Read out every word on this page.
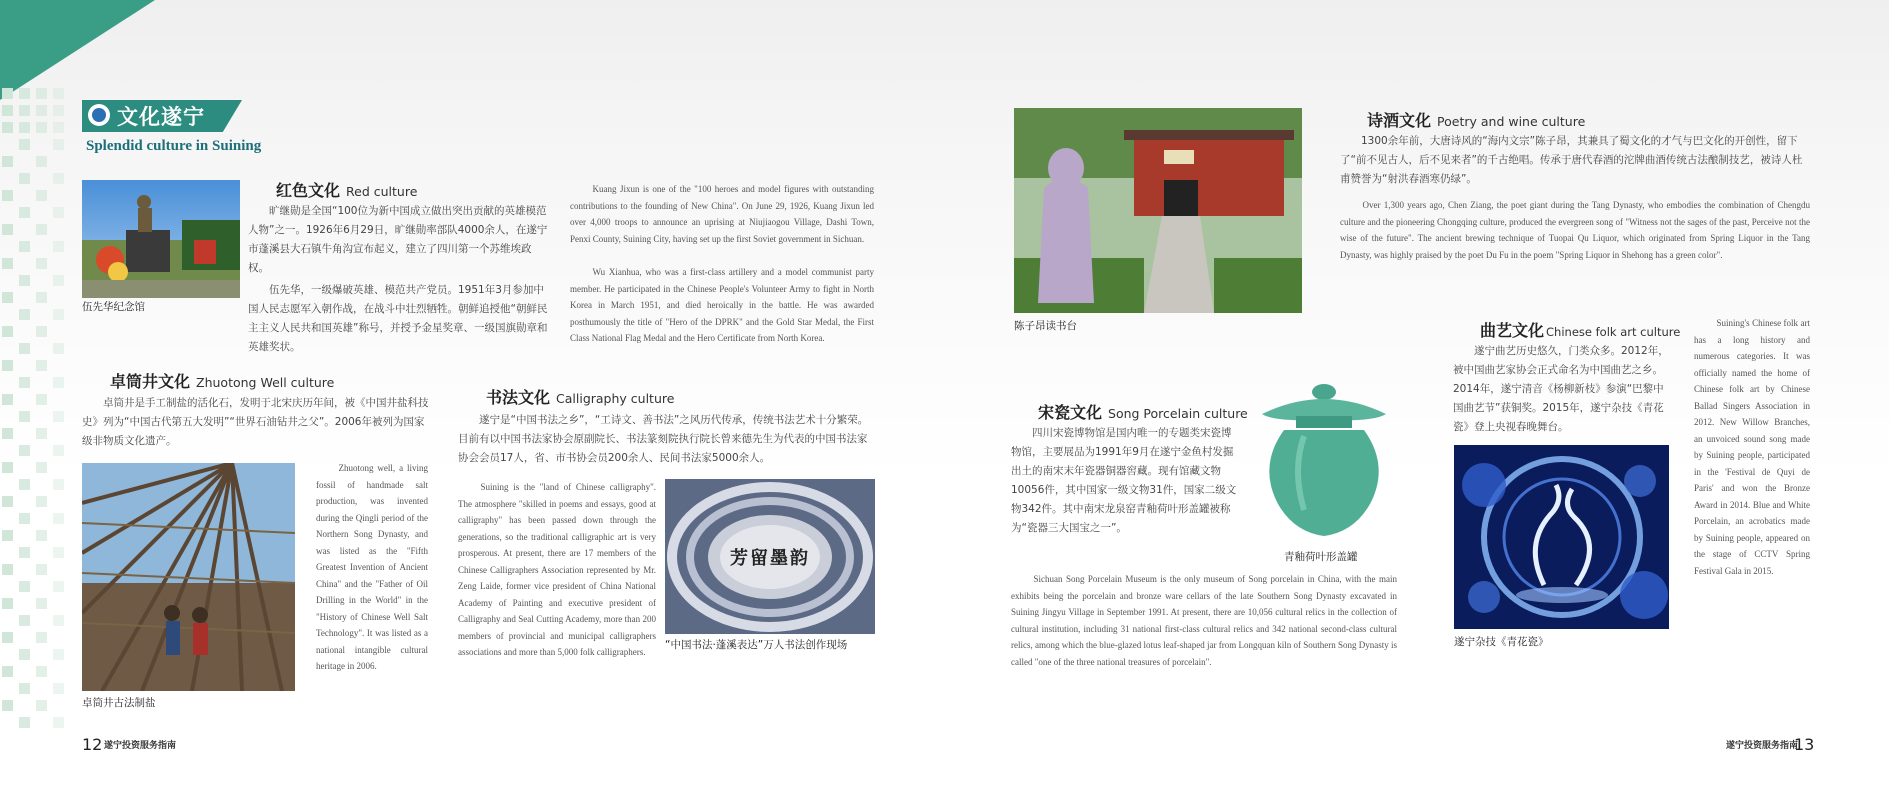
文化遂宁
Splendid culture in Suining
伍先华纪念馆
红色文化 Red culture
旷继勋是全国“100位为新中国成立做出突出贡献的英雄模范人物”之一。1926年6月29日，旷继勋率部队4000余人，在遂宁市蓬溪县大石镇牛角沟宣布起义，建立了四川第一个苏维埃政权。
伍先华，一级爆破英雄、模范共产党员。1951年3月参加中国人民志愿军入朝作战，在战斗中壮烈牺牲。朝鲜追授他“朝鲜民主主义人民共和国英雄”称号，并授予金星奖章、一级国旗勋章和英雄奖状。
Kuang Jixun is one of the "100 heroes and model figures with outstanding contributions to the founding of New China". On June 29, 1926, Kuang Jixun led over 4,000 troops to announce an uprising at Niujiaogou Village, Dashi Town, Penxi County, Suining City, having set up the first Soviet government in Sichuan.
Wu Xianhua, who was a first-class artillery and a model communist party member. He participated in the Chinese People's Volunteer Army to fight in North Korea in March 1951, and died heroically in the battle. He was awarded posthumously the title of "Hero of the DPRK" and the Gold Star Medal, the First Class National Flag Medal and the Hero Certificate from North Korea.
卓筒井文化 Zhuotong Well culture
卓筒井是手工制盐的活化石，发明于北宋庆历年间，被《中国井盐科技史》列为“中国古代第五大发明”“世界石油钻井之父”。2006年被列为国家级非物质文化遗产。
卓筒井古法制盐
Zhuotong well, a living fossil of handmade salt production, was invented during the Qingli period of the Northern Song Dynasty, and was listed as the "Fifth Greatest Invention of Ancient China" and the "Father of Oil Drilling in the World" in the "History of Chinese Well Salt Technology". It was listed as a national intangible cultural heritage in 2006.
书法文化 Calligraphy culture
遂宁是“中国书法之乡”，“工诗文、善书法”之风历代传承，传统书法艺术十分繁荣。目前有以中国书法家协会原副院长、书法篆刻院执行院长曾来德先生为代表的中国书法家协会会员17人，省、市书协会员200余人、民间书法家5000余人。
Suining is the "land of Chinese calligraphy". The atmosphere "skilled in poems and essays, good at calligraphy" has been passed down through the generations, so the traditional calligraphic art is very prosperous. At present, there are 17 members of the Chinese Calligraphers Association represented by Mr. Zeng Laide, former vice president of China National Academy of Painting and executive president of Calligraphy and Seal Cutting Academy, more than 200 members of provincial and municipal calligraphers associations and more than 5,000 folk calligraphers.
芳留墨韵
“中国书法·蓬溪表达”万人书法创作现场
12 遂宁投资服务指南
陈子昂读书台
诗酒文化 Poetry and wine culture
1300余年前，大唐诗风的“海内文宗”陈子昂，其兼具了蜀文化的才气与巴文化的开创性，留下了“前不见古人，后不见来者”的千古绝唱。传承于唐代春酒的沱牌曲酒传统古法酿制技艺，被诗人杜甫赞誉为“射洪春酒寒仍绿”。
Over 1,300 years ago, Chen Ziang, the poet giant during the Tang Dynasty, who embodies the combination of Chengdu culture and the pioneering Chongqing culture, produced the evergreen song of "Witness not the sages of the past, Perceive not the wise of the future". The ancient brewing technique of Tuopai Qu Liquor, which originated from Spring Liquor in the Tang Dynasty, was highly praised by the poet Du Fu in the poem "Spring Liquor in Shehong has a green color".
宋瓷文化 Song Porcelain culture
四川宋瓷博物馆是国内唯一的专题类宋瓷博物馆，主要展品为1991年9月在遂宁金鱼村发掘出土的南宋末年瓷器铜器窖藏。现有馆藏文物10056件，其中国家一级文物31件，国家二级文物342件。其中南宋龙泉窑青釉荷叶形盖罐被称为“瓷器三大国宝之一”。
青釉荷叶形盖罐
Sichuan Song Porcelain Museum is the only museum of Song porcelain in China, with the main exhibits being the porcelain and bronze ware cellars of the late Southern Song Dynasty excavated in Suining Jingyu Village in September 1991. At present, there are 10,056 cultural relics in the collection of cultural institution, including 31 national first-class cultural relics and 342 national second-class cultural relics, among which the blue-glazed lotus leaf-shaped jar from Longquan kiln of Southern Song Dynasty is called "one of the three national treasures of porcelain".
曲艺文化 Chinese folk art culture
遂宁曲艺历史悠久，门类众多。2012年，被中国曲艺家协会正式命名为中国曲艺之乡。2014年，遂宁清音《杨柳新枝》参演“巴黎中国曲艺节”获铜奖。2015年，遂宁杂技《青花瓷》登上央视春晚舞台。
遂宁杂技《青花瓷》
Suining's Chinese folk art has a long history and numerous categories. It was officially named the home of Chinese folk art by Chinese Ballad Singers Association in 2012. New Willow Branches, an unvoiced sound song made by Suining people, participated in the 'Festival de Quyi de Paris' and won the Bronze Award in 2014. Blue and White Porcelain, an acrobatics made by Suining people, appeared on the stage of CCTV Spring Festival Gala in 2015.
遂宁投资服务指南
13
